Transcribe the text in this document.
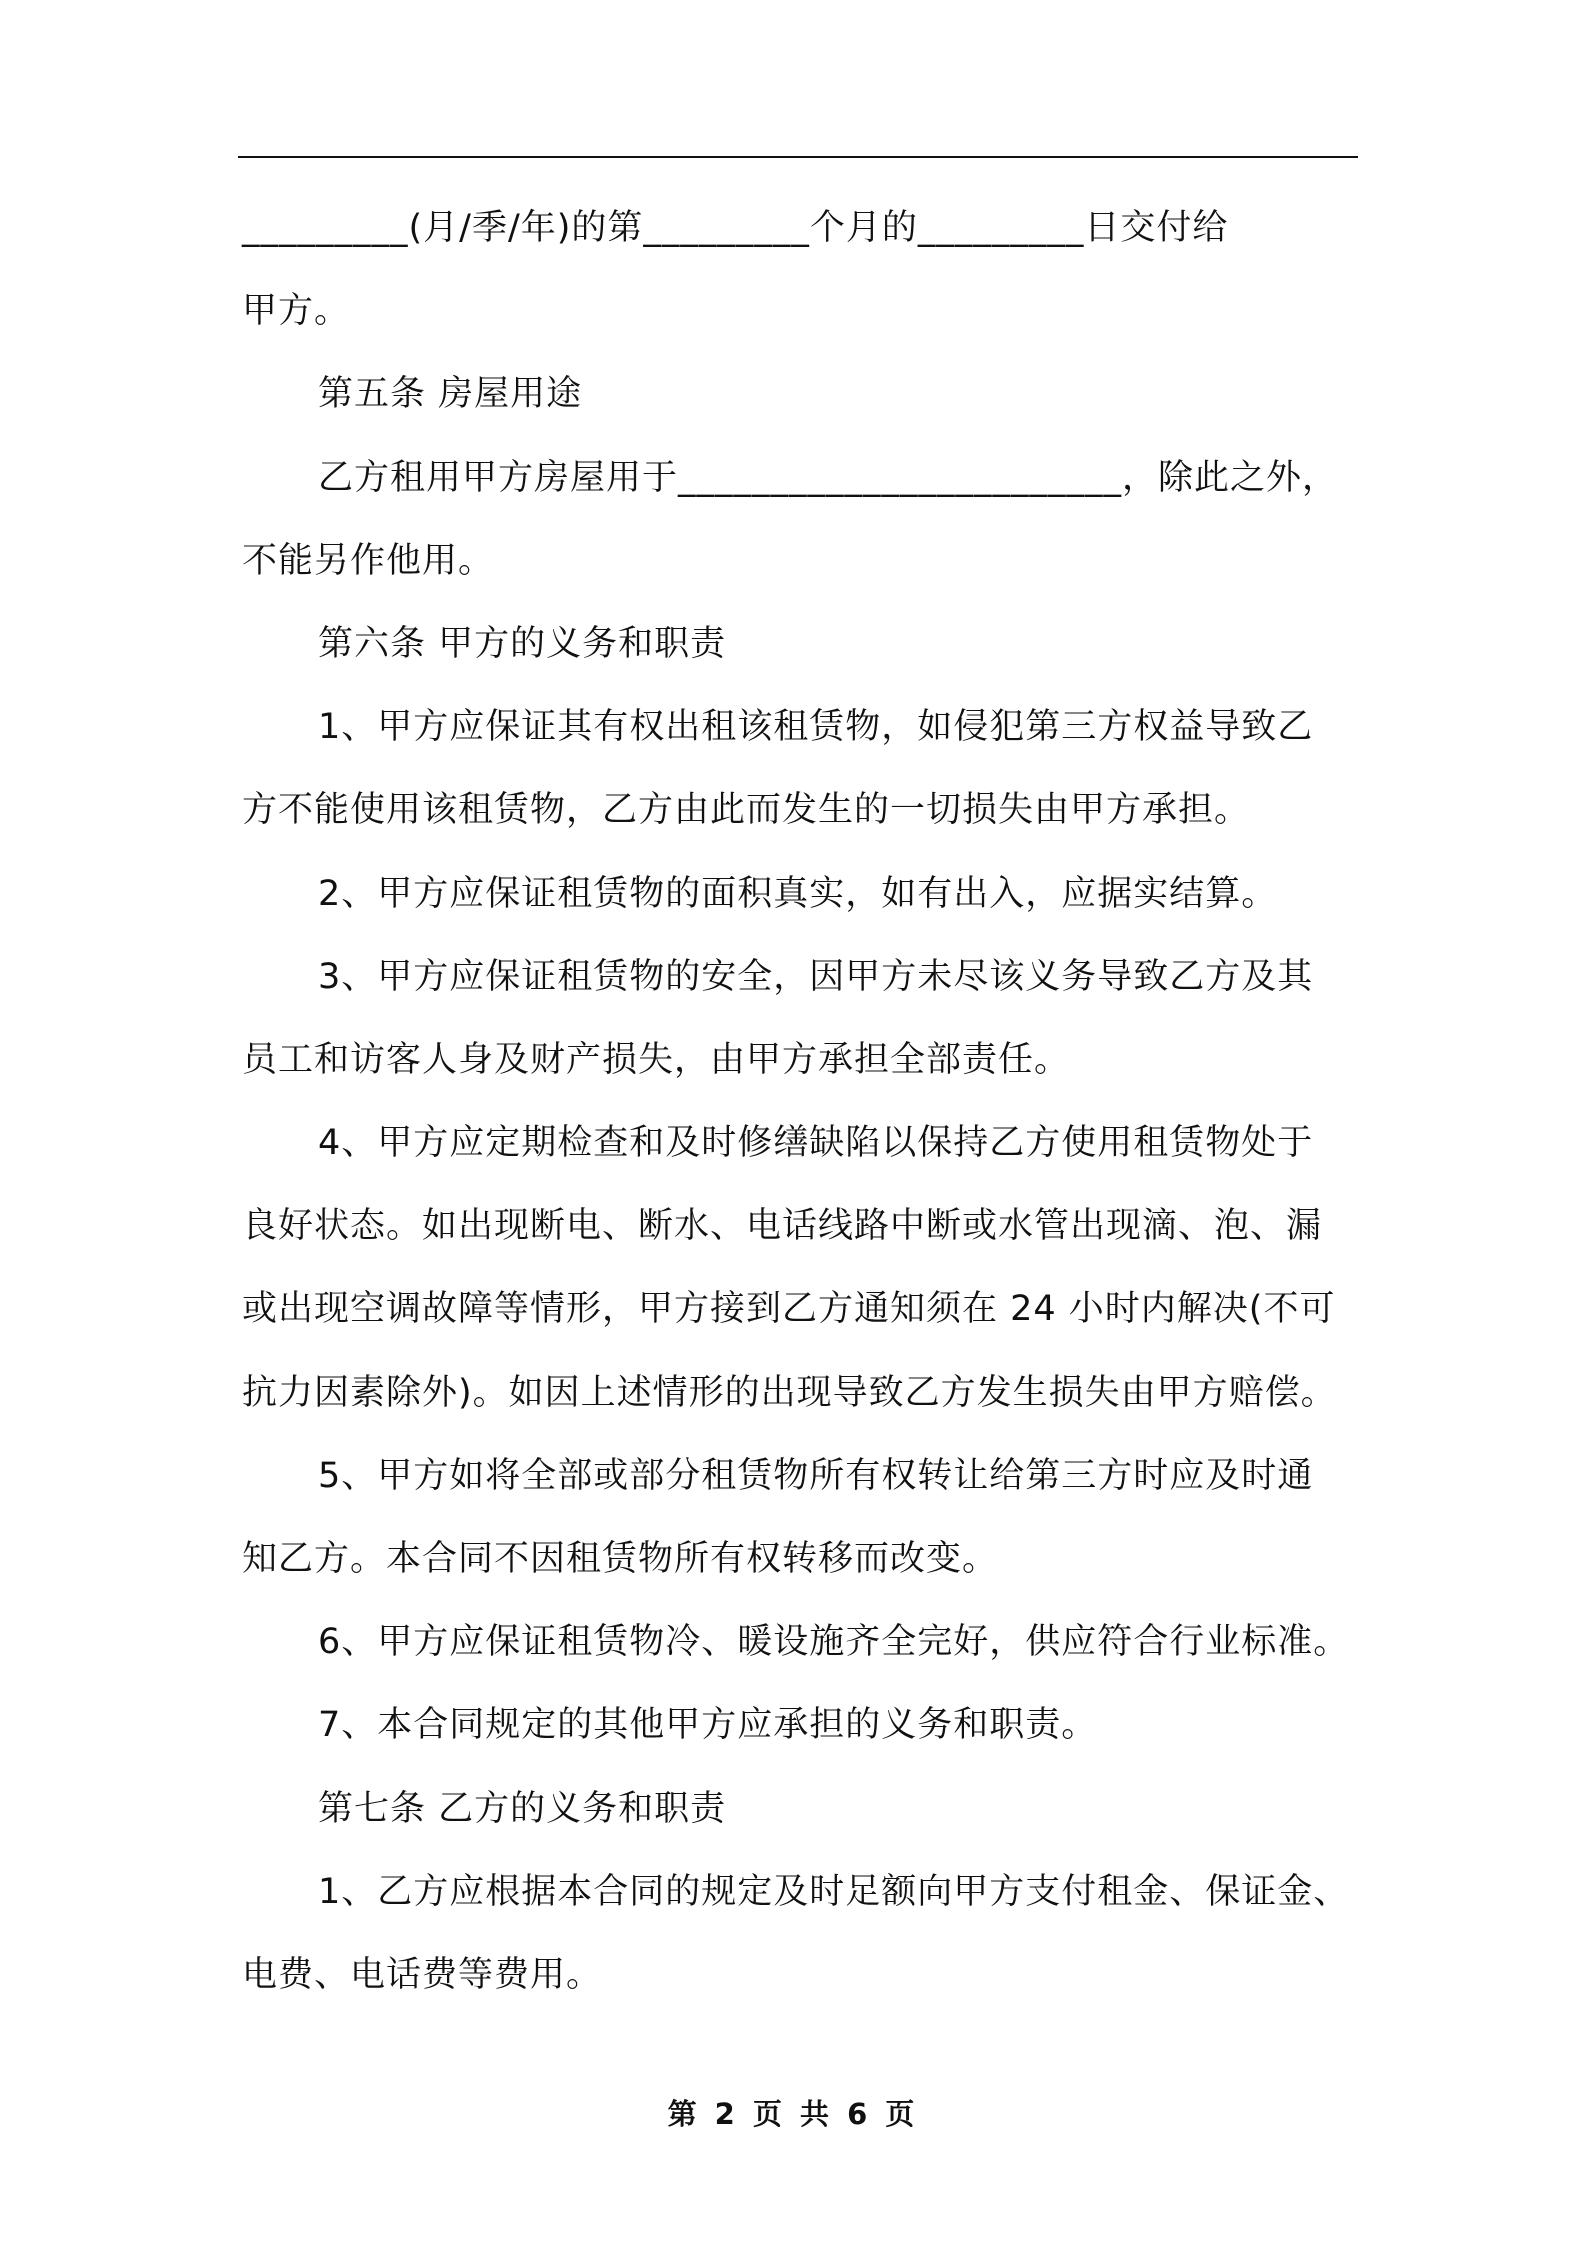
_________(月/季/年)的第_________个月的_________日交付给
甲方。
第五条 房屋用途
乙方租用甲方房屋用于________________________，除此之外，
不能另作他用。
第六条 甲方的义务和职责
1、甲方应保证其有权出租该租赁物，如侵犯第三方权益导致乙
方不能使用该租赁物，乙方由此而发生的一切损失由甲方承担。
2、甲方应保证租赁物的面积真实，如有出入，应据实结算。
3、甲方应保证租赁物的安全，因甲方未尽该义务导致乙方及其
员工和访客人身及财产损失，由甲方承担全部责任。
4、甲方应定期检查和及时修缮缺陷以保持乙方使用租赁物处于
良好状态。如出现断电、断水、电话线路中断或水管出现滴、泡、漏
或出现空调故障等情形，甲方接到乙方通知须在 24 小时内解决(不可
抗力因素除外)。如因上述情形的出现导致乙方发生损失由甲方赔偿。
5、甲方如将全部或部分租赁物所有权转让给第三方时应及时通
知乙方。本合同不因租赁物所有权转移而改变。
6、甲方应保证租赁物冷、暖设施齐全完好，供应符合行业标准。
7、本合同规定的其他甲方应承担的义务和职责。
第七条 乙方的义务和职责
1、乙方应根据本合同的规定及时足额向甲方支付租金、保证金、
电费、电话费等费用。
第 2 页 共 6 页
